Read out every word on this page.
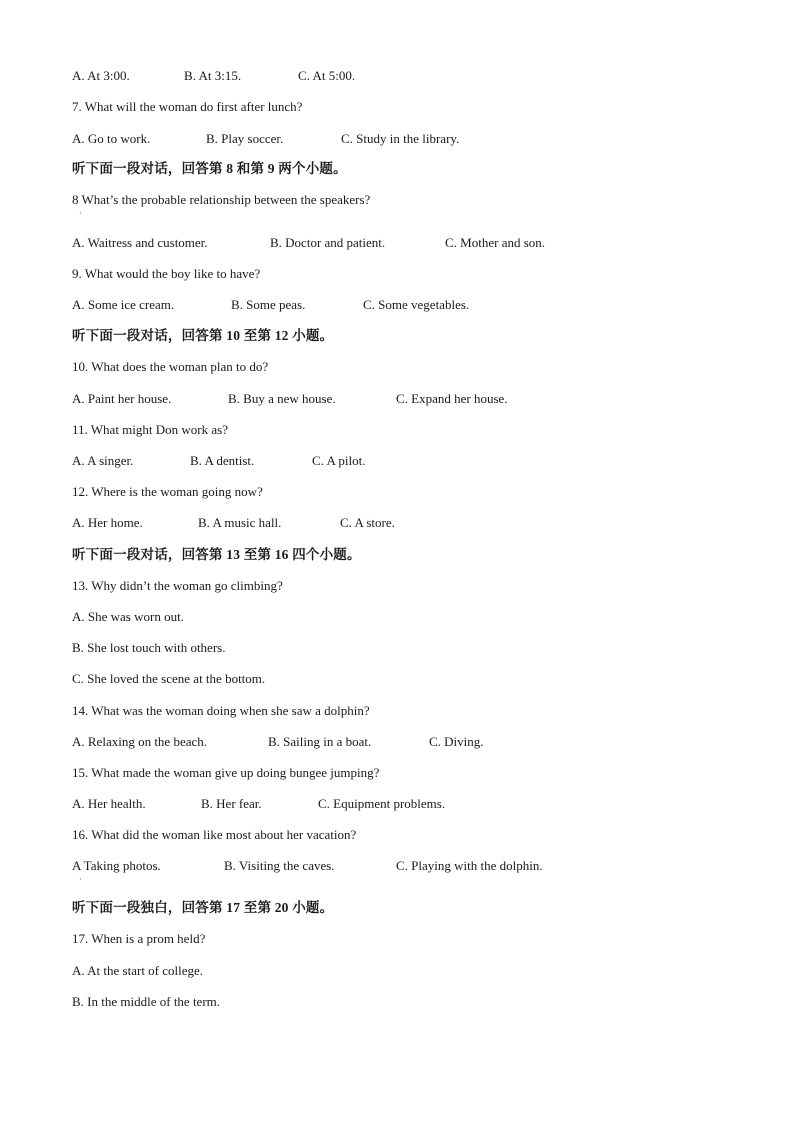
A. At 3:00.	B. At 3:15.	C. At 5:00.
7. What will the woman do first after lunch?
A. Go to work.	B. Play soccer.	C. Study in the library.
听下面一段对话，回答第 8 和第 9 两个小题。
8 What’s the probable relationship between the speakers?
·
A. Waitress and customer.	B. Doctor and patient.	C. Mother and son.
9. What would the boy like to have?
A. Some ice cream.	B. Some peas.	C. Some vegetables.
听下面一段对话，回答第 10 至第 12 小题。
10. What does the woman plan to do?
A. Paint her house.	B. Buy a new house.	C. Expand her house.
11. What might Don work as?
A. A singer.	B. A dentist.	C. A pilot.
12. Where is the woman going now?
A. Her home.	B. A music hall.	C. A store.
听下面一段对话，回答第 13 至第 16 四个小题。
13. Why didn’t the woman go climbing?
A. She was worn out.
B. She lost touch with others.
C. She loved the scene at the bottom.
14. What was the woman doing when she saw a dolphin?
A. Relaxing on the beach.	B. Sailing in a boat.	C. Diving.
15. What made the woman give up doing bungee jumping?
A. Her health.	B. Her fear.	C. Equipment problems.
16. What did the woman like most about her vacation?
A Taking photos.	B. Visiting the caves.	C. Playing with the dolphin.
·
听下面一段独白，回答第 17 至第 20 小题。
17. When is a prom held?
A. At the start of college.
B. In the middle of the term.
